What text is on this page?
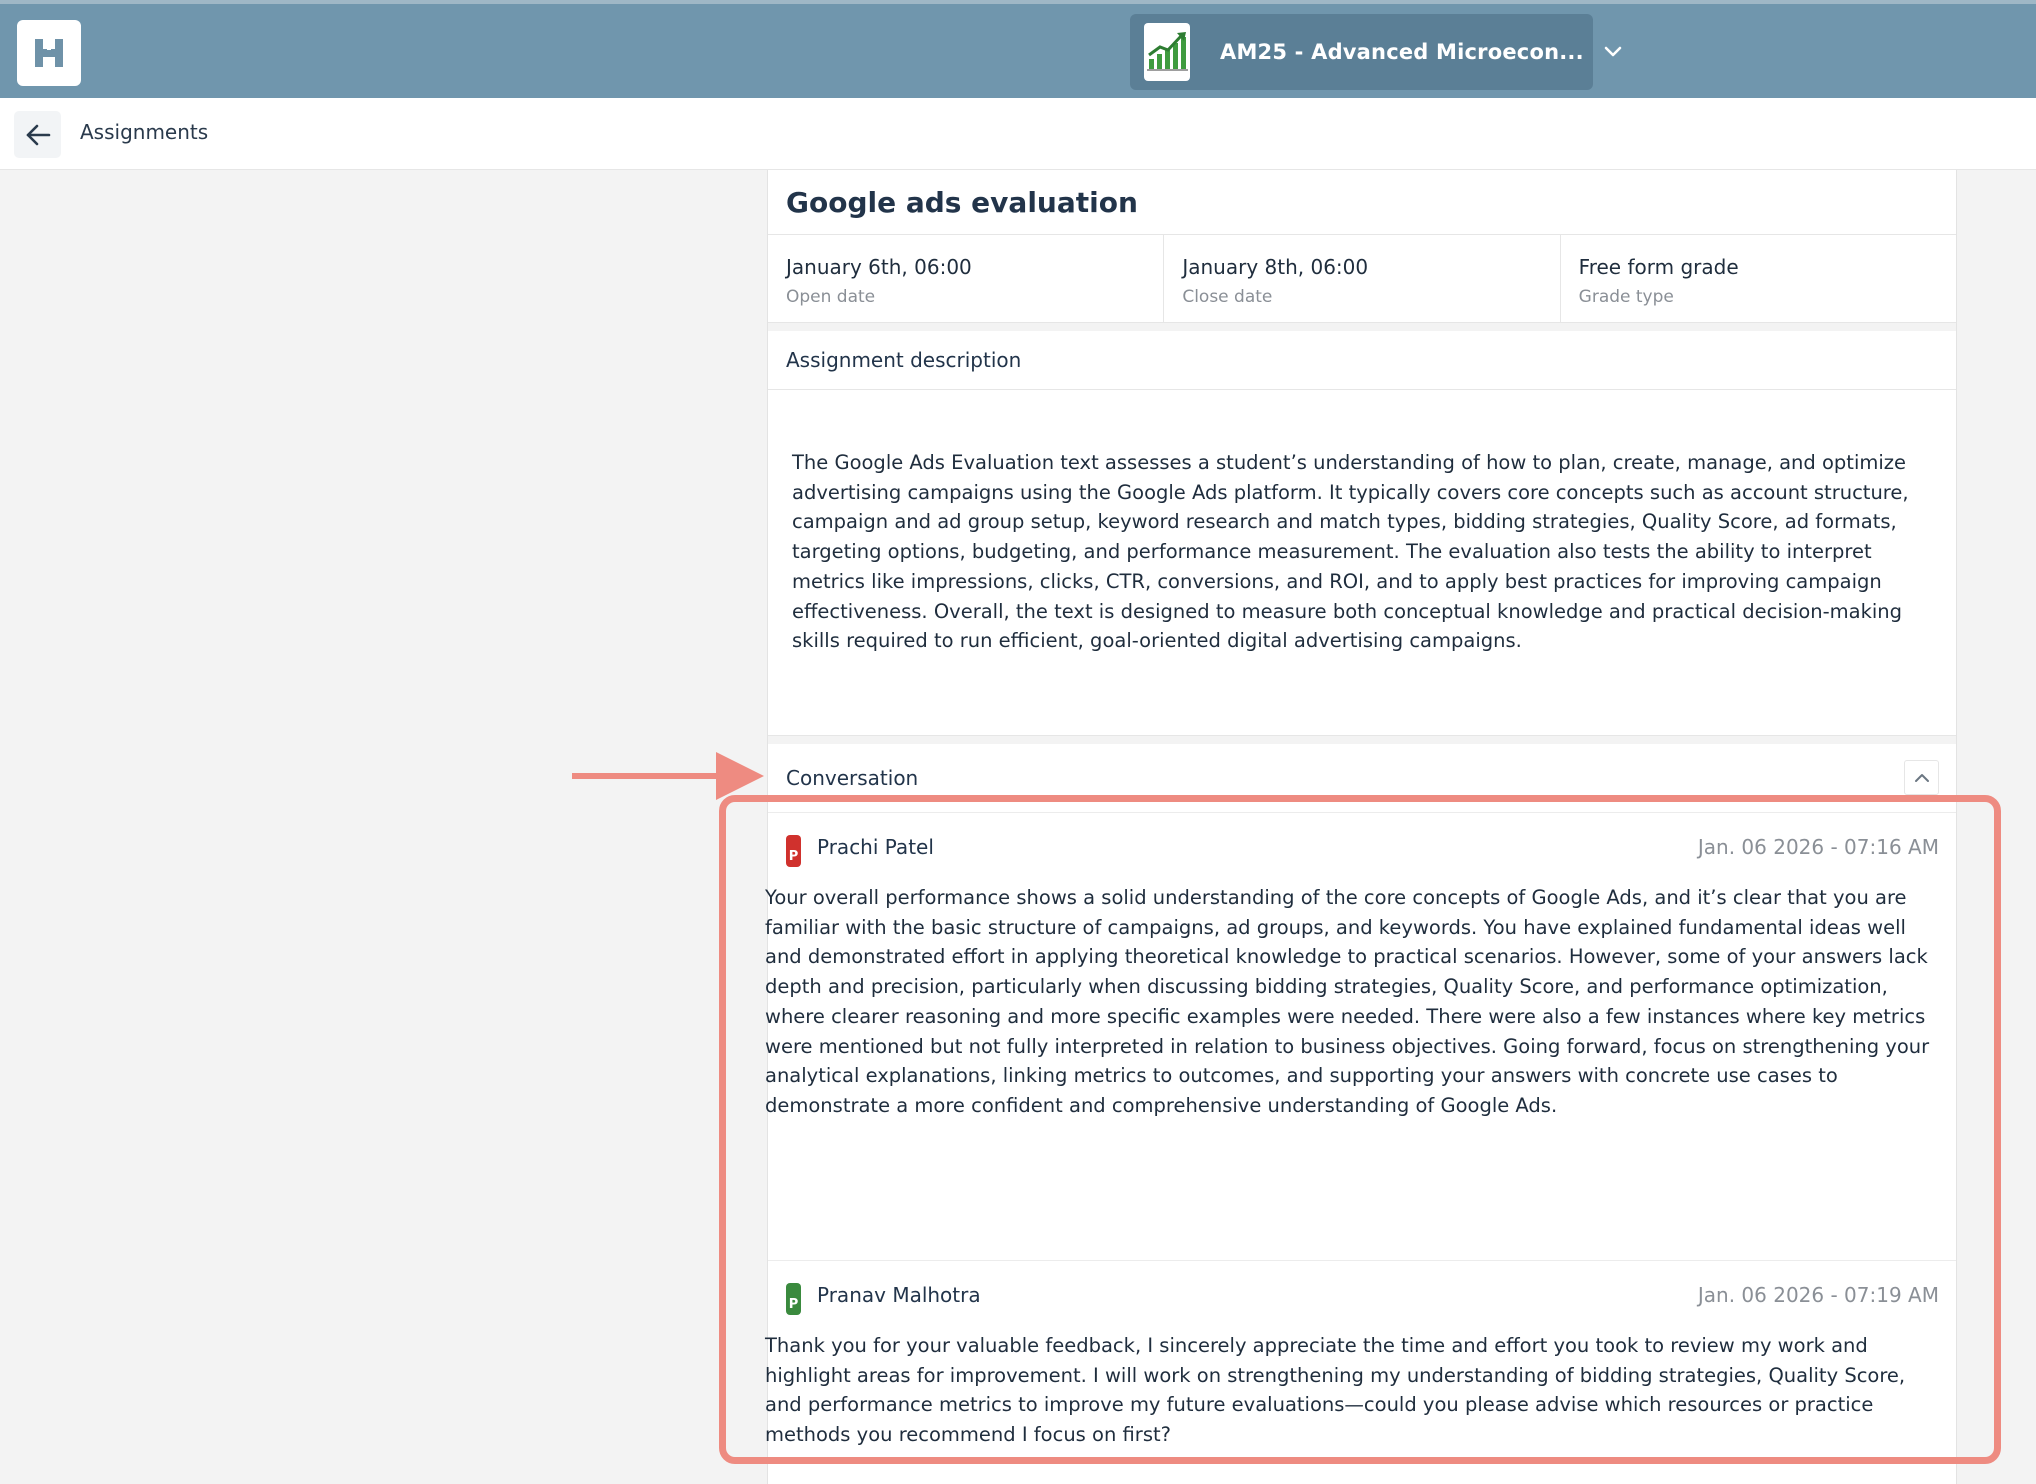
AM25 - Advanced Microecon...
Assignments
Google ads evaluation
January 6th, 06:00
Open date
January 8th, 06:00
Close date
Free form grade
Grade type
Assignment description
The Google Ads Evaluation text assesses a student’s understanding of how to plan, create, manage, and optimize advertising campaigns using the Google Ads platform. It typically covers core concepts such as account structure, campaign and ad group setup, keyword research and match types, bidding strategies, Quality Score, ad formats, targeting options, budgeting, and performance measurement. The evaluation also tests the ability to interpret metrics like impressions, clicks, CTR, conversions, and ROI, and to apply best practices for improving campaign effectiveness. Overall, the text is designed to measure both conceptual knowledge and practical decision-making skills required to run efficient, goal-oriented digital advertising campaigns.
Conversation
P Prachi Patel	Jan. 06 2026 - 07:16 AM
Your overall performance shows a solid understanding of the core concepts of Google Ads, and it’s clear that you are familiar with the basic structure of campaigns, ad groups, and keywords. You have explained fundamental ideas well and demonstrated effort in applying theoretical knowledge to practical scenarios. However, some of your answers lack depth and precision, particularly when discussing bidding strategies, Quality Score, and performance optimization, where clearer reasoning and more specific examples were needed. There were also a few instances where key metrics were mentioned but not fully interpreted in relation to business objectives. Going forward, focus on strengthening your analytical explanations, linking metrics to outcomes, and supporting your answers with concrete use cases to demonstrate a more confident and comprehensive understanding of Google Ads.
P Pranav Malhotra	Jan. 06 2026 - 07:19 AM
Thank you for your valuable feedback, I sincerely appreciate the time and effort you took to review my work and highlight areas for improvement. I will work on strengthening my understanding of bidding strategies, Quality Score, and performance metrics to improve my future evaluations—could you please advise which resources or practice methods you recommend I focus on first?
